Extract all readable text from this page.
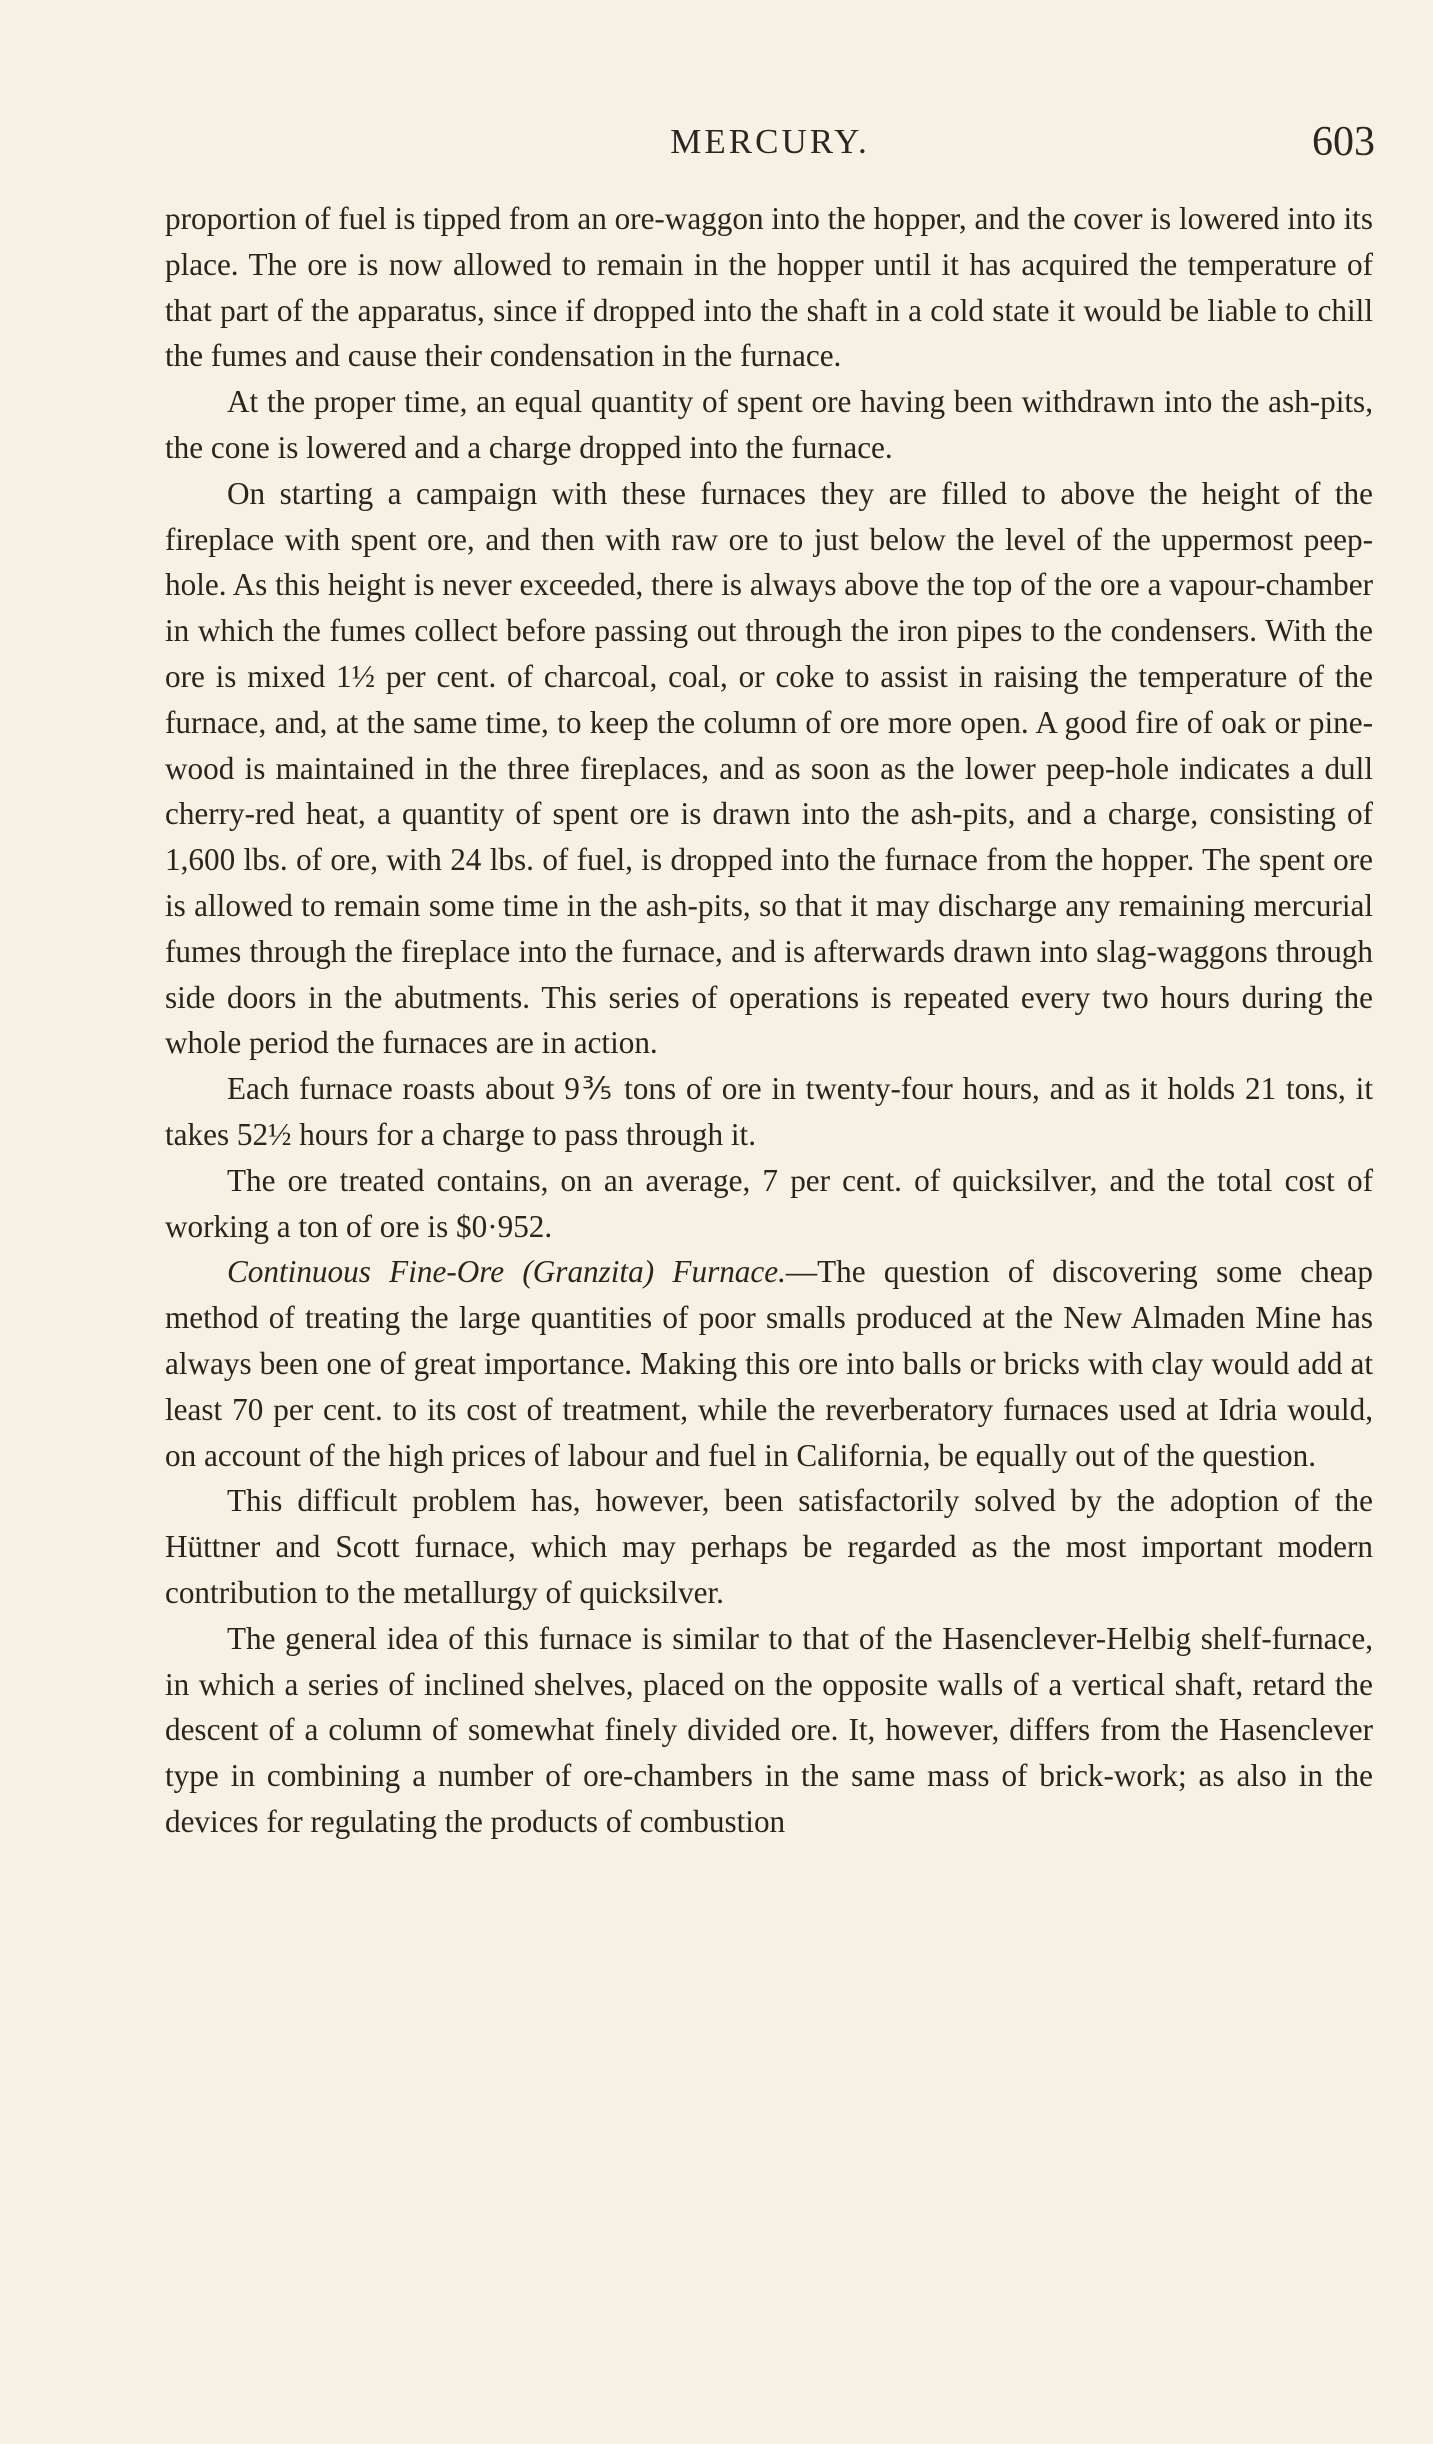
MERCURY.	603

proportion of fuel is tipped from an ore-waggon into the hopper, and the cover is lowered into its place. The ore is now allowed to remain in the hopper until it has acquired the temperature of that part of the apparatus, since if dropped into the shaft in a cold state it would be liable to chill the fumes and cause their condensation in the furnace.

At the proper time, an equal quantity of spent ore having been withdrawn into the ash-pits, the cone is lowered and a charge dropped into the furnace.

On starting a campaign with these furnaces they are filled to above the height of the fireplace with spent ore, and then with raw ore to just below the level of the uppermost peep-hole. As this height is never exceeded, there is always above the top of the ore a vapour-chamber in which the fumes collect before passing out through the iron pipes to the condensers. With the ore is mixed 1½ per cent. of charcoal, coal, or coke to assist in raising the temperature of the furnace, and, at the same time, to keep the column of ore more open. A good fire of oak or pine-wood is maintained in the three fireplaces, and as soon as the lower peep-hole indicates a dull cherry-red heat, a quantity of spent ore is drawn into the ash-pits, and a charge, consisting of 1,600 lbs. of ore, with 24 lbs. of fuel, is dropped into the furnace from the hopper. The spent ore is allowed to remain some time in the ash-pits, so that it may discharge any remaining mercurial fumes through the fireplace into the furnace, and is afterwards drawn into slag-waggons through side doors in the abutments. This series of operations is repeated every two hours during the whole period the furnaces are in action.

Each furnace roasts about 9⅗ tons of ore in twenty-four hours, and as it holds 21 tons, it takes 52½ hours for a charge to pass through it.

The ore treated contains, on an average, 7 per cent. of quicksilver, and the total cost of working a ton of ore is $0·952.

Continuous Fine-Ore (Granzita) Furnace.—The question of discovering some cheap method of treating the large quantities of poor smalls produced at the New Almaden Mine has always been one of great importance. Making this ore into balls or bricks with clay would add at least 70 per cent. to its cost of treatment, while the reverberatory furnaces used at Idria would, on account of the high prices of labour and fuel in California, be equally out of the question.

This difficult problem has, however, been satisfactorily solved by the adoption of the Hüttner and Scott furnace, which may perhaps be regarded as the most important modern contribution to the metallurgy of quicksilver.

The general idea of this furnace is similar to that of the Hasenclever-Helbig shelf-furnace, in which a series of inclined shelves, placed on the opposite walls of a vertical shaft, retard the descent of a column of somewhat finely divided ore. It, however, differs from the Hasenclever type in combining a number of ore-chambers in the same mass of brick-work; as also in the devices for regulating the products of combustion
